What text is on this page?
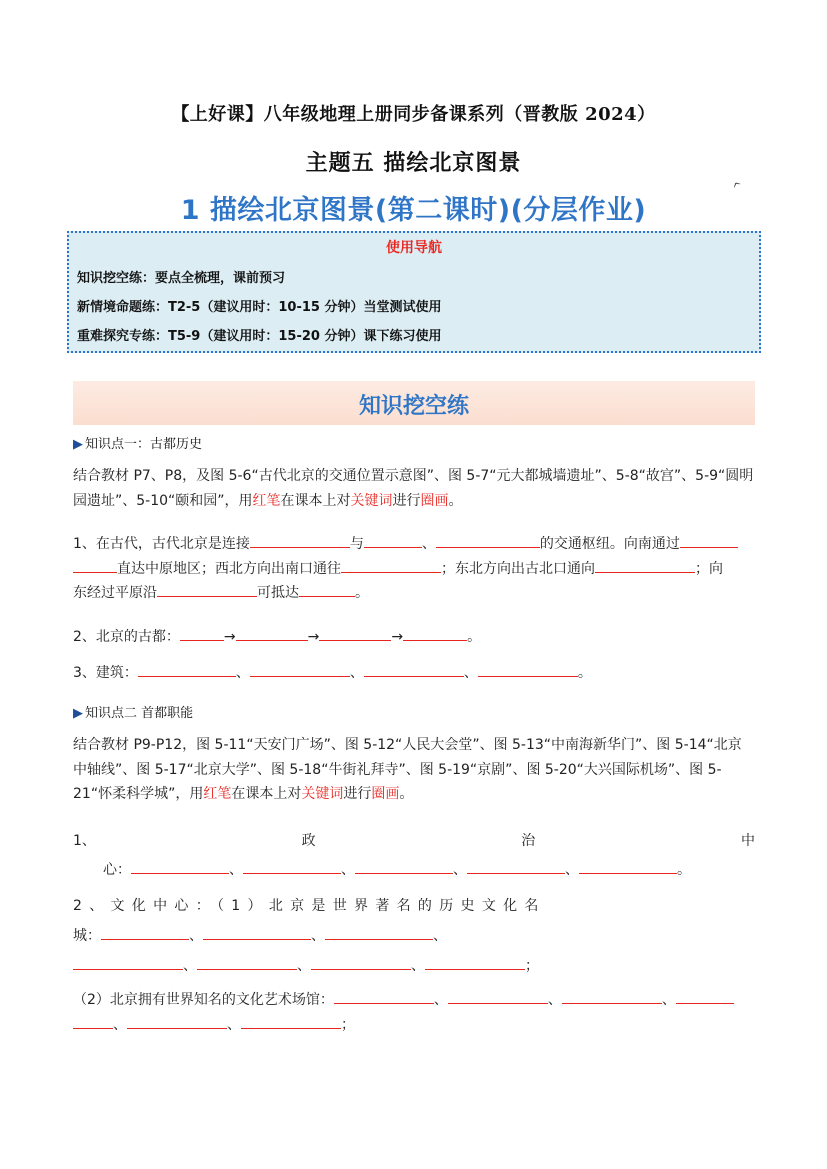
【上好课】八年级地理上册同步备课系列（晋教版 2024）
主题五 描绘北京图景
1 描绘北京图景(第二课时)(分层作业)
^
使用导航
知识挖空练：要点全梳理，课前预习
新情境命题练：T2-5（建议用时：10-15 分钟）当堂测试使用
重难探究专练：T5-9（建议用时：15-20 分钟）课下练习使用
知识挖空练
▶ 知识点一：古都历史
结合教材 P7、P8，及图 5-6“古代北京的交通位置示意图”、图 5-7“元大都城墙遗址”、5-8“故宫”、5-9“圆明园遗址”、5-10“颐和园”，用红笔在课本上对关键词进行圈画。
1、在古代，古代北京是连接	与	、	的交通枢纽。向南通过
直达中原地区；西北方向出南口通往	；东北方向出古北口通向	；向
东经过平原沿	可抵达	。
2、北京的古都：	→	→	→	。
3、建筑：	、	、	、	。
▶ 知识点二 首都职能
结合教材 P9-P12，图 5-11“天安门广场”、图 5-12“人民大会堂”、图 5-13“中南海新华门”、图 5-14“北京中轴线”、图 5-17“北京大学”、图 5-18“牛街礼拜寺”、图 5-19“京剧”、图 5-20“大兴国际机场”、图 5-21“怀柔科学城”，用红笔在课本上对关键词进行圈画。
1、	政	治	中
心：	、	、	、	、	。
2、文化中心：（1）北京是世界著名的历史文化名
城：	、	、	、
、	、	、	；
（2）北京拥有世界知名的文化艺术场馆：	、	、	、
、	、	；
